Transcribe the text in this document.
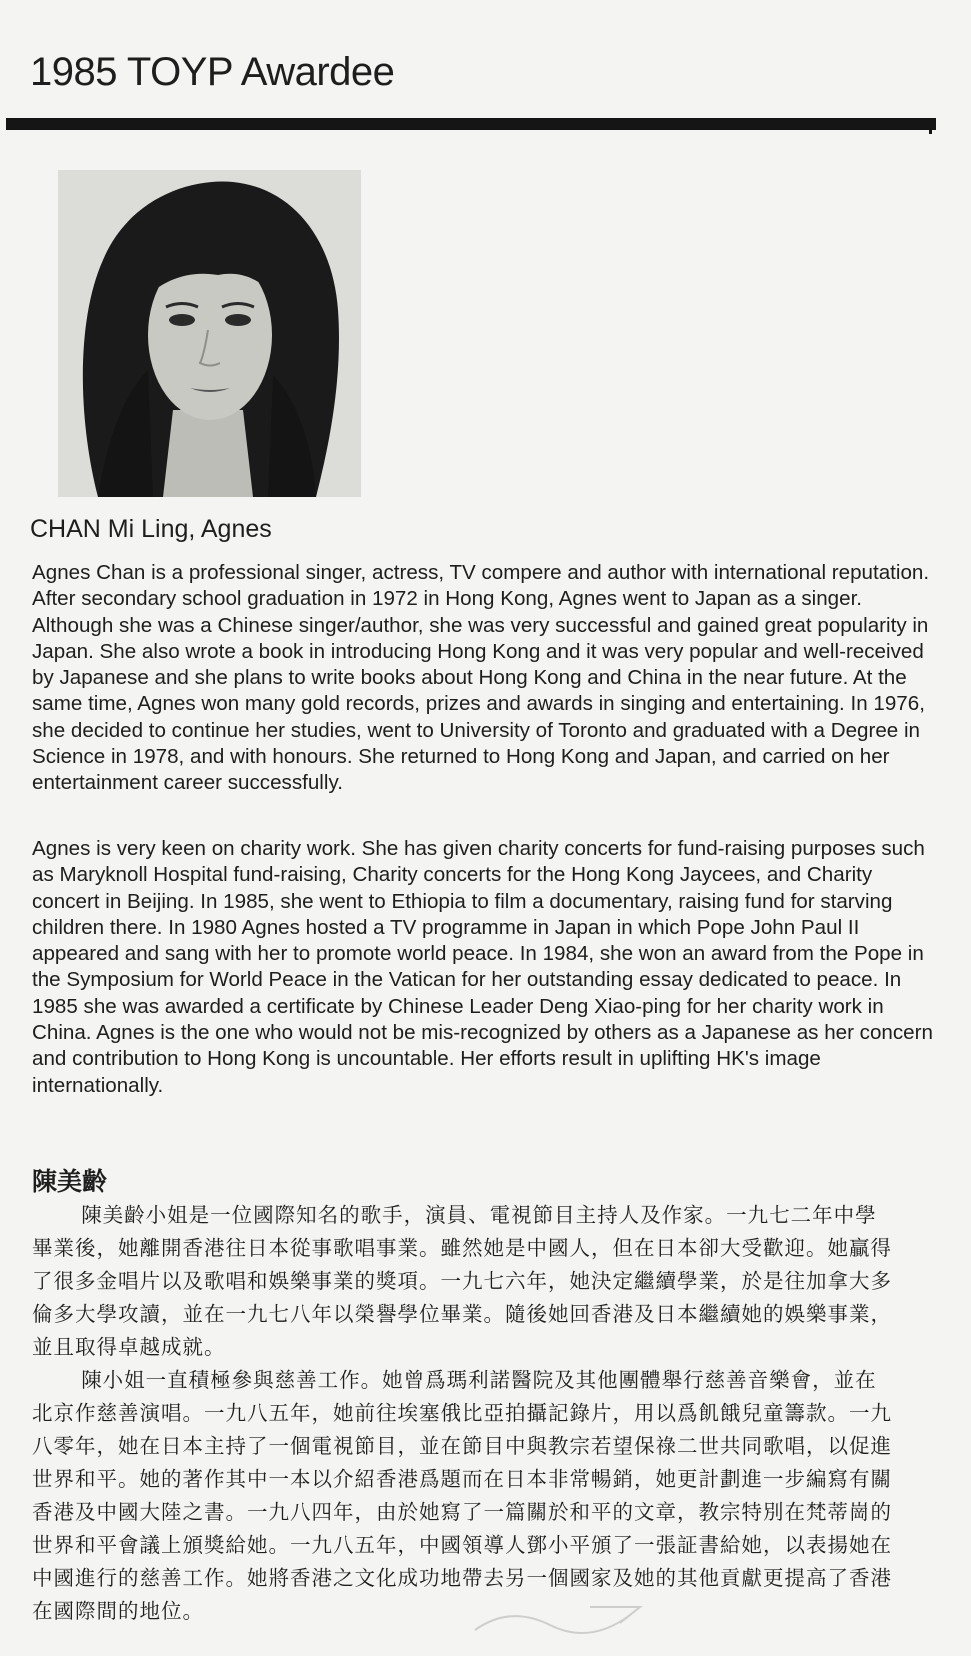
1985 TOYP Awardee
CHAN Mi Ling, Agnes

Agnes Chan is a professional singer, actress, TV compere and author with international reputation. After secondary school graduation in 1972 in Hong Kong, Agnes went to Japan as a singer. Although she was a Chinese singer/author, she was very successful and gained great popularity in Japan. She also wrote a book in introducing Hong Kong and it was very popular and well-received by Japanese and she plans to write books about Hong Kong and China in the near future. At the same time, Agnes won many gold records, prizes and awards in singing and entertaining. In 1976, she decided to continue her studies, went to University of Toronto and graduated with a Degree in Science in 1978, and with honours. She returned to Hong Kong and Japan, and carried on her entertainment career successfully.

Agnes is very keen on charity work. She has given charity concerts for fund-raising purposes such as Maryknoll Hospital fund-raising, Charity concerts for the Hong Kong Jaycees, and Charity concert in Beijing. In 1985, she went to Ethiopia to film a documentary, raising fund for starving children there. In 1980 Agnes hosted a TV programme in Japan in which Pope John Paul II appeared and sang with her to promote world peace. In 1984, she won an award from the Pope in the Symposium for World Peace in the Vatican for her outstanding essay dedicated to peace. In 1985 she was awarded a certificate by Chinese Leader Deng Xiao-ping for her charity work in China. Agnes is the one who would not be mis-recognized by others as a Japanese as her concern and contribution to Hong Kong is uncountable. Her efforts result in uplifting HK's image internationally.

陳美齡

陳美齡小姐是一位國際知名的歌手，演員、電視節目主持人及作家。一九七二年中學畢業後，她離開香港往日本從事歌唱事業。雖然她是中國人，但在日本卻大受歡迎。她贏得了很多金唱片以及歌唱和娛樂事業的獎項。一九七六年，她決定繼續學業，於是往加拿大多倫多大學攻讀，並在一九七八年以榮譽學位畢業。隨後她回香港及日本繼續她的娛樂事業，並且取得卓越成就。

陳小姐一直積極參與慈善工作。她曾爲瑪利諾醫院及其他團體舉行慈善音樂會，並在北京作慈善演唱。一九八五年，她前往埃塞俄比亞拍攝記錄片，用以爲飢餓兒童籌款。一九八零年，她在日本主持了一個電視節目，並在節目中與教宗若望保祿二世共同歌唱，以促進世界和平。她的著作其中一本以介紹香港爲題而在日本非常暢銷，她更計劃進一步編寫有關香港及中國大陸之書。一九八四年，由於她寫了一篇關於和平的文章，教宗特別在梵蒂崗的世界和平會議上頒獎給她。一九八五年，中國領導人鄧小平頒了一張証書給她，以表揚她在中國進行的慈善工作。她將香港之文化成功地帶去另一個國家及她的其他貢獻更提高了香港在國際間的地位。
